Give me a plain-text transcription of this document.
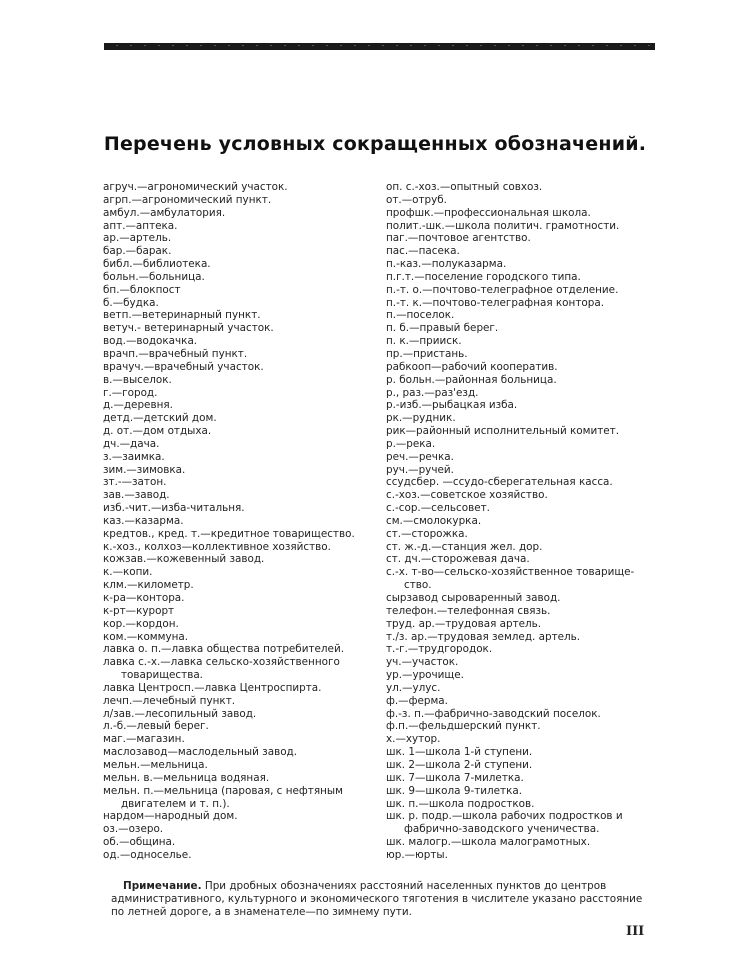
Перечень условных сокращенных обозначений.
агруч.—агрономический участок.
агрп.—агрономический пункт.
амбул.—амбулатория.
апт.—аптека.
ар.—артель.
бар.—барак.
библ.—библиотека.
больн.—больница.
бп.—блокпост
б.—будка.
ветп.—ветеринарный пункт.
ветуч.- ветеринарный участок.
вод.—водокачка.
врачп.—врачебный пункт.
врачуч.—врачебный участок.
в.—выселок.
г.—город.
д.—деревня.
детд.—детский дом.
д. от.—дом отдыха.
дч.—дача.
з.—заимка.
зим.—зимовка.
зт.-—затон.
зав.—завод.
изб.-чит.—изба-читальня.
каз.—казарма.
кредтов., кред. т.—кредитное товарищество.
к.-хоз., колхоз—коллективное хозяйство.
кожзав.—кожевенный завод.
к.—копи.
клм.—километр.
к-ра—контора.
к-рт—курорт
кор.—кордон.
ком.—коммуна.
лавка о. п.—лавка общества потребителей.
лавка с.-х.—лавка сельско-хозяйственного
товарищества.
лавка Центросп.—лавка Центроспирта.
лечп.—лечебный пункт.
л/зав.—лесопильный завод.
л.-б.—левый берег.
маг.—магазин.
маслозавод—маслодельный завод.
мельн.—мельница.
мельн. в.—мельница водяная.
мельн. п.—мельница (паровая, с нефтяным
двигателем и т. п.).
нардом—народный дом.
оз.—озеро.
об.—община.
од.—односелье.
оп. с.-хоз.—опытный совхоз.
от.—отруб.
профшк.—профессиональная школа.
полит.-шк.—школа политич. грамотности.
паг.—почтовое агентство.
пас.—пасека.
п.-каз.—полуказарма.
п.г.т.—поселение городского типа.
п.-т. о.—почтово-телеграфное отделение.
п.-т. к.—почтово-телеграфная контора.
п.—поселок.
п. б.—правый берег.
п. к.—прииск.
пр.—пристань.
рабкооп—рабочий кооператив.
р. больн.—районная больница.
р., раз.—раз'езд.
р.-изб.—рыбацкая изба.
рк.—рудник.
рик—районный исполнительный комитет.
р.—река.
реч.—речка.
руч.—ручей.
ссудсбер. —ссудо-сберегательная касса.
с.-хоз.—советское хозяйство.
с.-сор.—сельсовет.
см.—смолокурка.
ст.—сторожка.
ст. ж.-д.—станция жел. дор.
ст. дч.—сторожевая дача.
с.-х. т-во—сельско-хозяйственное товарище-
ство.
сырзавод сыроваренный завод.
телефон.—телефонная связь.
труд. ар.—трудовая артель.
т./з. ар.—трудовая землед. артель.
т.-г.—трудгородок.
уч.—участок.
ур.—урочище.
ул.—улус.
ф.—ферма.
ф.-з. п.—фабрично-заводский поселок.
ф.п.—фельдшерский пункт.
х.—хутор.
шк. 1—школа 1-й ступени.
шк. 2—школа 2-й ступени.
шк. 7—школа 7-милетка.
шк. 9—школа 9-тилетка.
шк. п.—школа подростков.
шк. р. подр.—школа рабочих подростков и
фабрично-заводского ученичества.
шк. малогр.—школа малограмотных.
юр.—юрты.

Примечание. При дробных обозначениях расстояний населенных пунктов до центров административного, культурного и экономического тяготения в числителе указано расстояние по летней дороге, а в знаменателе—по зимнему пути.

III
